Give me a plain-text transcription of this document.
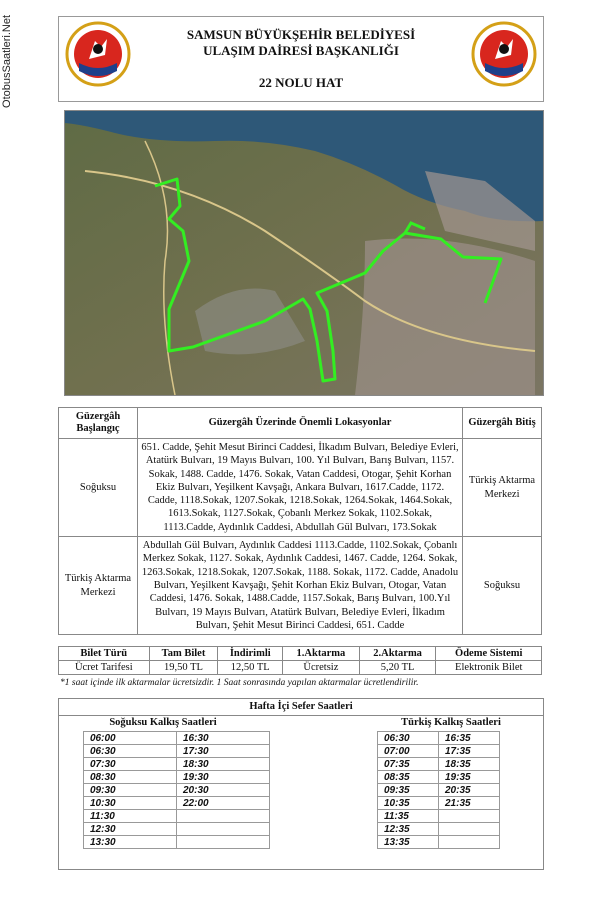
OtobusSaatleri.Net	SAMSUN BÜYÜKŞEHİR BELEDİYESİ
ULAŞIM DAİRESİ BAŞKANLIĞI
22 NOLU HAT
Güzergâh Başlangıç	Güzergâh Üzerinde Önemli Lokasyonlar	Güzergâh Bitiş
Soğuksu	651. Cadde, Şehit Mesut Birinci Caddesi, İlkadım Bulvarı, Belediye Evleri, Atatürk Bulvarı, 19 Mayıs Bulvarı, 100. Yıl Bulvarı, Barış Bulvarı, 1157. Sokak, 1488. Cadde, 1476. Sokak, Vatan Caddesi, Otogar, Şehit Korhan Ekiz Bulvarı, Yeşilkent Kavşağı, Ankara Bulvarı, 1617.Cadde, 1172. Cadde, 1118.Sokak, 1207.Sokak, 1218.Sokak, 1264.Sokak, 1464.Sokak, 1613.Sokak, 1127.Sokak, Çobanlı Merkez Sokak, 1102.Sokak, 1113.Cadde, Aydınlık Caddesi, Abdullah Gül Bulvarı, 173.Sokak	Türkiş Aktarma Merkezi
Türkiş Aktarma Merkezi	Abdullah Gül Bulvarı, Aydınlık Caddesi 1113.Cadde, 1102.Sokak, Çobanlı Merkez Sokak, 1127. Sokak, Aydınlık Caddesi, 1467. Cadde, 1264. Sokak, 1263.Sokak, 1218.Sokak, 1207.Sokak, 1188. Sokak, 1172. Cadde, Anadolu Bulvarı, Yeşilkent Kavşağı, Şehit Korhan Ekiz Bulvarı, Otogar, Vatan Caddesi, 1476. Sokak, 1488.Cadde, 1157.Sokak, Barış Bulvarı, 100.Yıl Bulvarı, 19 Mayıs Bulvarı, Atatürk Bulvarı, Belediye Evleri, İlkadım Bulvarı, Şehit Mesut Birinci Caddesi, 651. Cadde	Soğuksu
Bilet Türü	Tam Bilet	İndirimli	1.Aktarma	2.Aktarma	Ödeme Sistemi
Ücret Tarifesi	19,50 TL	12,50 TL	Ücretsiz	5,20 TL	Elektronik Bilet
*1 saat içinde ilk aktarmalar ücretsizdir. 1 Saat sonrasında yapılan aktarmalar ücretlendirilir.
Hafta İçi Sefer Saatleri
Soğuksu Kalkış Saatleri	Türkiş Kalkış Saatleri
06:00	16:30
06:30	17:30
07:30	18:30
08:30	19:30
09:30	20:30
10:30	22:00
11:30	
12:30	
13:30	
06:30	16:35
07:00	17:35
07:35	18:35
08:35	19:35
09:35	20:35
10:35	21:35
11:35	
12:35	
13:35	
